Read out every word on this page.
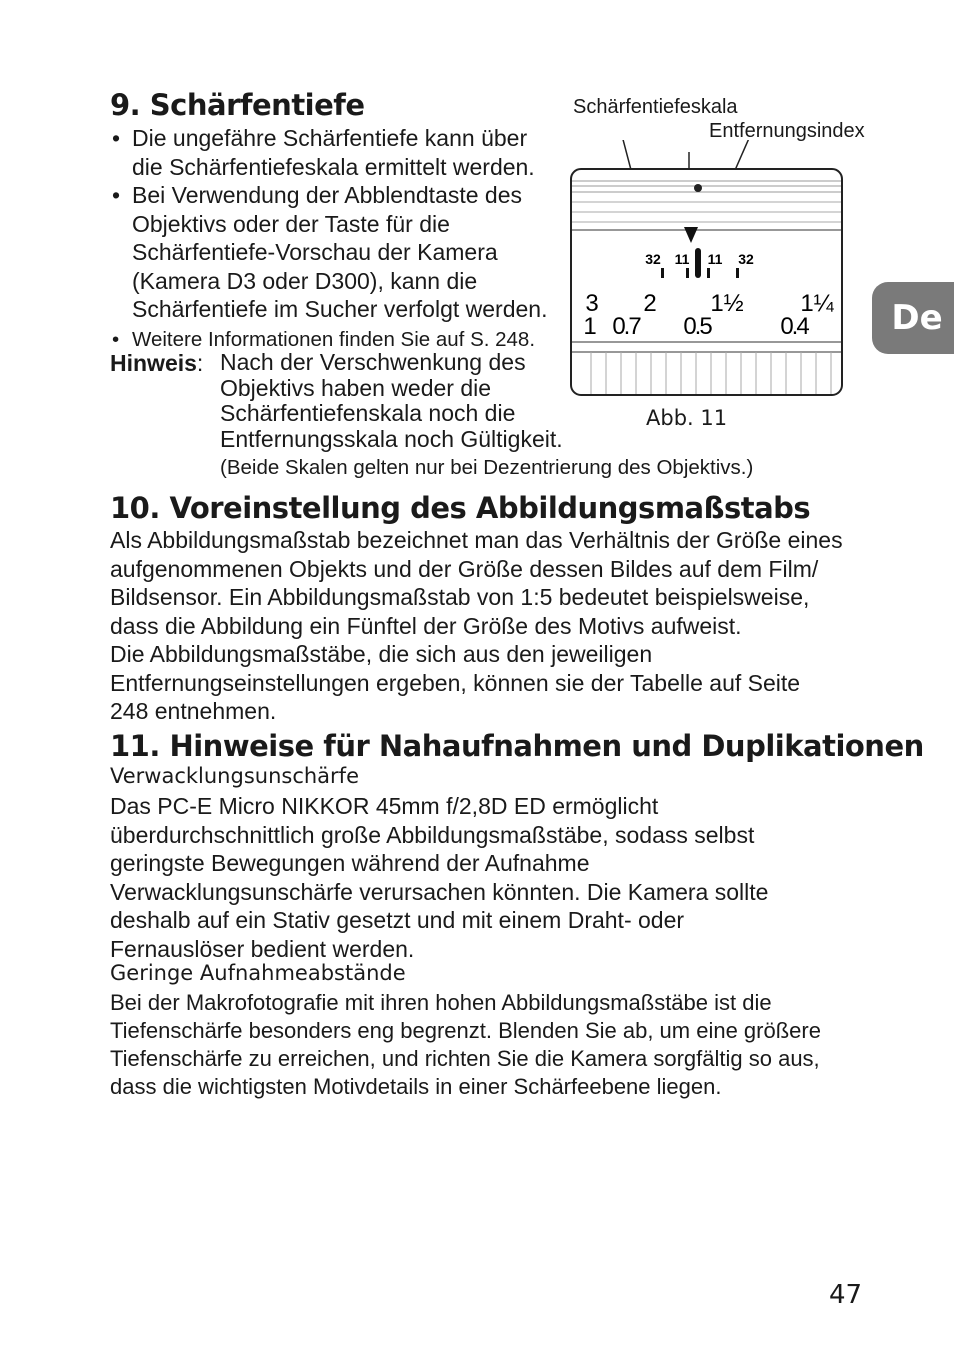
9. Schärfentiefe
• Die ungefähre Schärfentiefe kann über
die Schärfentiefeskala ermittelt werden.
• Bei Verwendung der Abblendtaste des
Objektivs oder der Taste für die
Schärfentiefe-Vorschau der Kamera
(Kamera D3 oder D300), kann die
Schärfentiefe im Sucher verfolgt werden.
• Weitere Informationen finden Sie auf S. 248.
Hinweis: Nach der Verschwenkung des
Objektivs haben weder die
Schärfentiefenskala noch die
Entfernungsskala noch Gültigkeit.
(Beide Skalen gelten nur bei Dezentrierung des Objektivs.)
Schärfentiefeskala
Entfernungsindex
32 11 11 32
3 2 1½ 1¼
1 0.7 0.5	0.4
Abb. 11
10. Voreinstellung des Abbildungsmaßstabs
Als Abbildungsmaßstab bezeichnet man das Verhältnis der Größe eines
aufgenommenen Objekts und der Größe dessen Bildes auf dem Film/
Bildsensor. Ein Abbildungsmaßstab von 1:5 bedeutet beispielsweise,
dass die Abbildung ein Fünftel der Größe des Motivs aufweist.
Die Abbildungsmaßstäbe, die sich aus den jeweiligen
Entfernungseinstellungen ergeben, können sie der Tabelle auf Seite
248 entnehmen.
11. Hinweise für Nahaufnahmen und Duplikationen
Verwacklungsunschärfe
Das PC-E Micro NIKKOR 45mm f/2,8D ED ermöglicht
überdurchschnittlich große Abbildungsmaßstäbe, sodass selbst
geringste Bewegungen während der Aufnahme
Verwacklungsunschärfe verursachen könnten. Die Kamera sollte
deshalb auf ein Stativ gesetzt und mit einem Draht- oder
Fernauslöser bedient werden.
Geringe Aufnahmeabstände
Bei der Makrofotografie mit ihren hohen Abbildungsmaßstäbe ist die
Tiefenschärfe besonders eng begrenzt. Blenden Sie ab, um eine größere
Tiefenschärfe zu erreichen, und richten Sie die Kamera sorgfältig so aus,
dass die wichtigsten Motivdetails in einer Schärfeebene liegen.
De
47
